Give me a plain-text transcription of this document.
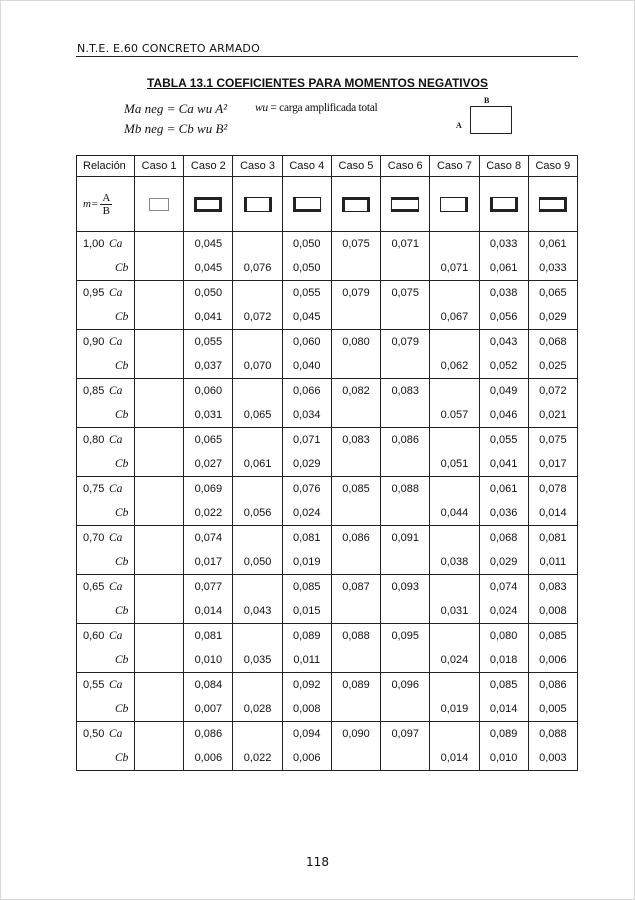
N.T.E. E.60 CONCRETO ARMADO
TABLA 13.1 COEFICIENTES PARA MOMENTOS NEGATIVOS
Ma neg = Ca wu A²
Mb neg = Cb wu B²
wu = carga amplificada total
B
A
Relación	Caso 1	Caso 2	Caso 3	Caso 4	Caso 5	Caso 6	Caso 7	Caso 8	Caso 9

$m= \frac{A}{B}$

1,00 Ca		0,045		0,050	0,075	0,071		0,033	0,061
Cb		0,045	0,076	0,050			0,071	0,061	0,033
0,95 Ca		0,050		0,055	0,079	0,075		0,038	0,065
Cb		0,041	0,072	0,045			0,067	0,056	0,029
0,90 Ca		0,055		0,060	0,080	0,079		0,043	0,068
Cb		0,037	0,070	0,040			0,062	0,052	0,025
0,85 Ca		0,060		0,066	0,082	0,083		0,049	0,072
Cb		0,031	0,065	0,034			0.057	0,046	0,021
0,80 Ca		0,065		0,071	0,083	0,086		0,055	0,075
Cb		0,027	0,061	0,029			0,051	0,041	0,017
0,75 Ca		0,069		0,076	0,085	0,088		0,061	0,078
Cb		0,022	0,056	0,024			0,044	0,036	0,014
0,70 Ca		0,074		0,081	0,086	0,091		0,068	0,081
Cb		0,017	0,050	0,019			0,038	0,029	0,011
0,65 Ca		0,077		0,085	0,087	0,093		0,074	0,083
Cb		0,014	0,043	0,015			0,031	0,024	0,008
0,60 Ca		0,081		0,089	0,088	0,095		0,080	0,085
Cb		0,010	0,035	0,011			0,024	0,018	0,006
0,55 Ca		0,084		0,092	0,089	0,096		0,085	0,086
Cb		0,007	0,028	0,008			0,019	0,014	0,005
0,50 Ca		0,086		0,094	0,090	0,097		0,089	0,088
Cb		0,006	0,022	0,006			0,014	0,010	0,003
118
